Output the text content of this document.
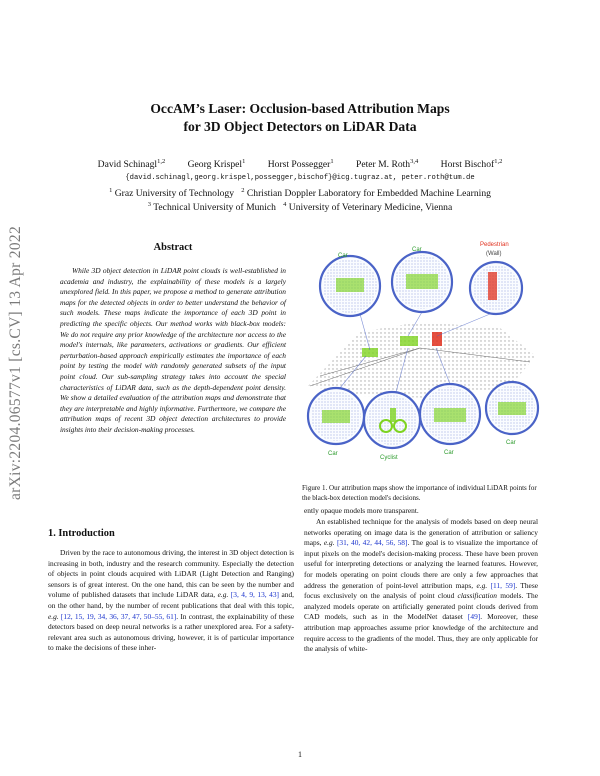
arXiv:2204.06577v1 [cs.CV] 13 Apr 2022
OccAM’s Laser: Occlusion-based Attribution Maps
for 3D Object Detectors on LiDAR Data
David Schinagl$^{1,2}$ Georg Krispel$^1$ Horst Possegger$^1$ Peter M. Roth$^{3,4}$ Horst Bischof$^{1,2}$
{david.schinagl,georg.krispel,possegger,bischof}@icg.tugraz.at, peter.roth@tum.de
$^1$ Graz University of Technology $^2$ Christian Doppler Laboratory for Embedded Machine Learning
$^3$ Technical University of Munich $^4$ University of Veterinary Medicine, Vienna
Abstract

While 3D object detection in LiDAR point clouds is well-established in academia and industry, the explainability of these models is a largely unexplored field. In this paper, we propose a method to generate attribution maps for the detected objects in order to better understand the behavior of such models. These maps indicate the importance of each 3D point in predicting the specific objects. Our method works with black-box models: We do not require any prior knowledge of the architecture nor access to the model's internals, like parameters, activations or gradients. Our efficient perturbation-based approach empirically estimates the importance of each point by testing the model with randomly generated subsets of the input point cloud. Our sub-sampling strategy takes into account the special characteristics of LiDAR data, such as the depth-dependent point density. We show a detailed evaluation of the attribution maps and demonstrate that they are interpretable and highly informative. Furthermore, we compare the attribution maps of recent 3D object detection architectures to provide insights into their decision-making processes.

1. Introduction

Driven by the race to autonomous driving, the interest in 3D object detection is increasing in both, industry and the research community. Especially the detection of objects in point clouds acquired with LiDAR (Light Detection and Ranging) sensors is of great interest. On the one hand, this can be seen by the number and volume of published datasets that include LiDAR data, e.g. [3, 4, 9, 13, 43] and, on the other hand, by the number of recent publications that deal with this topic, e.g. [12, 15, 19, 34, 36, 37, 47, 50–55, 61]. In contrast, the explainability of these detectors based on deep neural networks is a rather unexplored area. For a safety-relevant area such as autonomous driving, however, it is of particular importance to make the decisions of these inher-

Car
Car
Pedestrian
(Wall)
Car
Cyclist
Car
Car

Figure 1. Our attribution maps show the importance of individual LiDAR points for the black-box detection model's decisions.

ently opaque models more transparent.

An established technique for the analysis of models based on deep neural networks operating on image data is the generation of attribution or saliency maps, e.g. [31, 40, 42, 44, 56, 58]. The goal is to visualize the importance of input pixels on the model's decision-making process. These have been proven useful for interpreting detections or analyzing the learned features. However, for models operating on point clouds there are only a few approaches that address the generation of point-level attribution maps, e.g. [11, 59]. These focus exclusively on the analysis of point cloud classification models. The analyzed models operate on artificially generated point clouds derived from CAD models, such as in the ModelNet dataset [49]. Moreover, these attribution map approaches assume prior knowledge of the architecture and require access to the gradients of the model. Thus, they are only applicable for the analysis of white-

1
